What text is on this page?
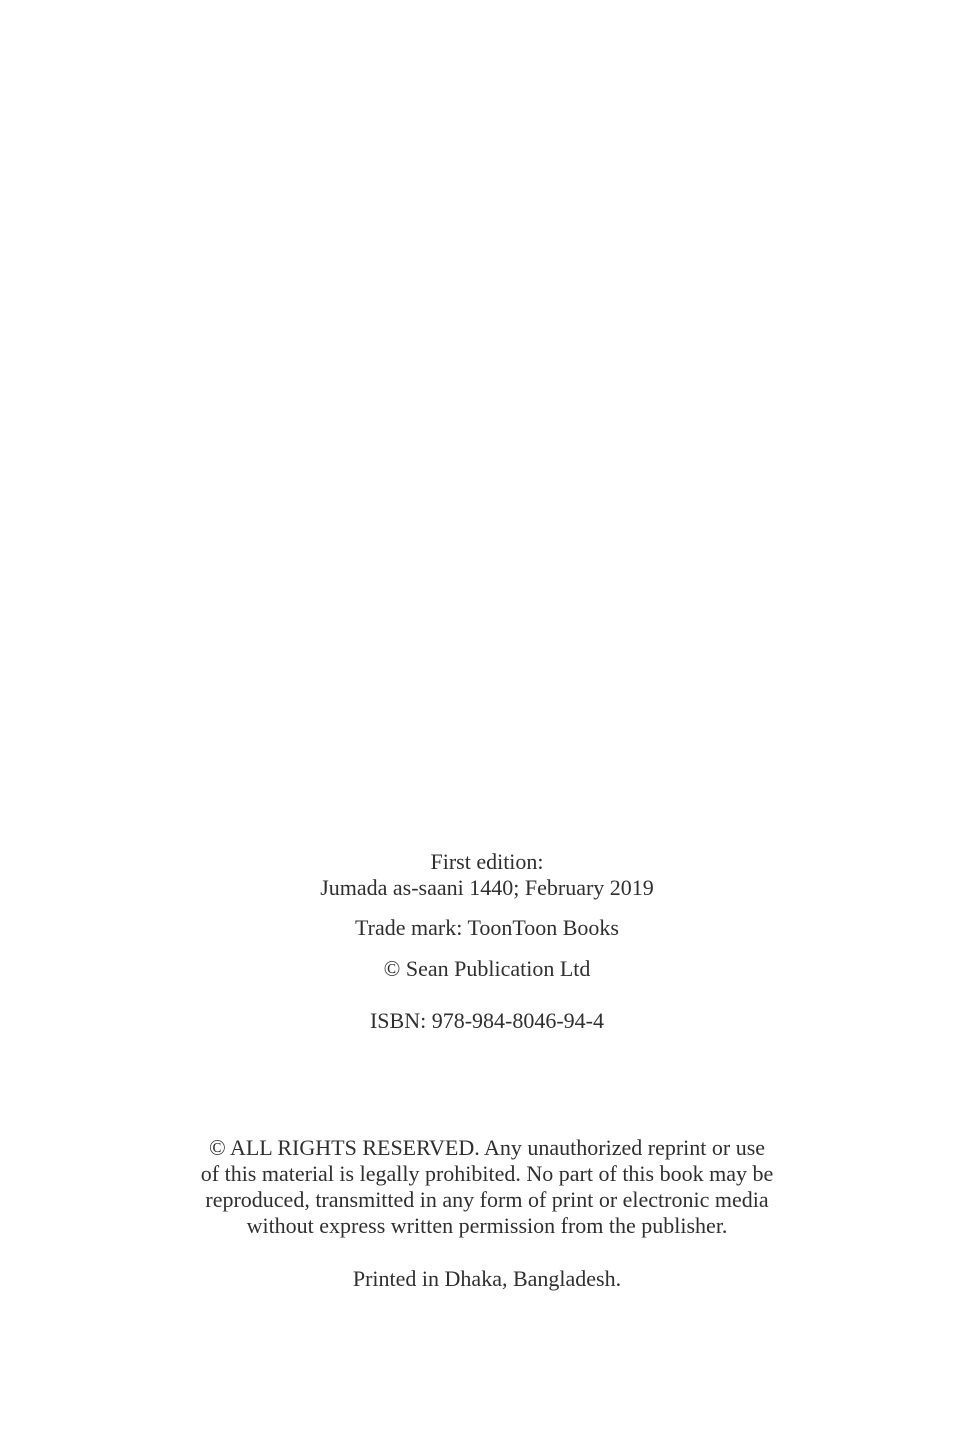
First edition:
Jumada as-saani 1440; February 2019
Trade mark: ToonToon Books
© Sean Publication Ltd
ISBN: 978-984-8046-94-4
© ALL RIGHTS RESERVED. Any unauthorized reprint or use
of this material is legally prohibited. No part of this book may be
reproduced, transmitted in any form of print or electronic media
without express written permission from the publisher.
Printed in Dhaka, Bangladesh.
